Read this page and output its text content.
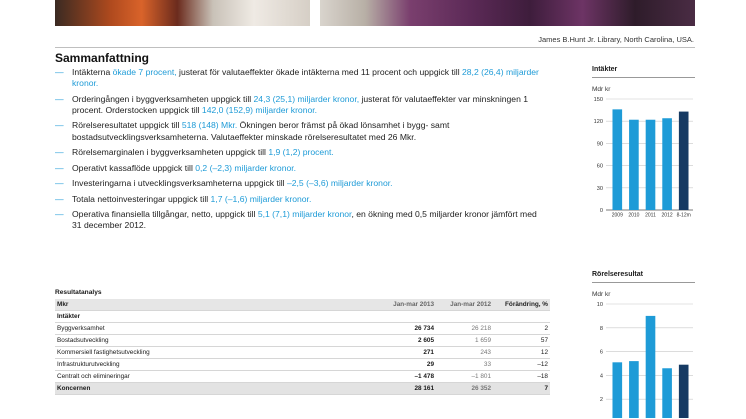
James B.Hunt Jr. Library, North Carolina, USA.
Sammanfattning
— Intäkterna ökade 7 procent, justerat för valutaeffekter ökade intäkterna med 11 procent och uppgick till 28,2 (26,4) miljarder kronor.
— Orderingången i byggverksamheten uppgick till 24,3 (25,1) miljarder kronor, justerat för valutaeffekter var minskningen 1 procent. Orderstocken uppgick till 142,0 (152,9) miljarder kronor.
— Rörelseresultatet uppgick till 518 (148) Mkr. Ökningen beror främst på ökad lönsamhet i bygg- samt bostadsutvecklingsverksamheterna. Valutaeffekter minskade rörelseresultatet med 26 Mkr.
— Rörelsemarginalen i byggverksamheten uppgick till 1,9 (1,2) procent.
— Operativt kassaflöde uppgick till 0,2 (–2,3) miljarder kronor.
— Investeringarna i utvecklingsverksamheterna uppgick till –2,5 (–3,6) miljarder kronor.
— Totala nettoinvesteringar uppgick till 1,7 (–1,6) miljarder kronor.
— Operativa finansiella tillgångar, netto, uppgick till 5,1 (7,1) miljarder kronor, en ökning med 0,5 miljarder kronor jämfört med 31 december 2012.
Resultatanalys
Mkr	Jan-mar 2013	Jan-mar 2012	Förändring, %
Intäkter			
Byggverksamhet	26 734	26 218	2
Bostadsutveckling	2 605	1 659	57
Kommersiell fastighetsutveckling	271	243	12
Infrastrukturutveckling	29	33	–12
Centralt och elimineringar	–1 478	–1 801	–18
Koncernen	28 161	26 352	7
Intäkter
Mdr kr
0
30
60
90
120
150
2009 2010 2011 2012 8-12m
Rörelseresultat
Mdr kr
2
4
6
8
10
